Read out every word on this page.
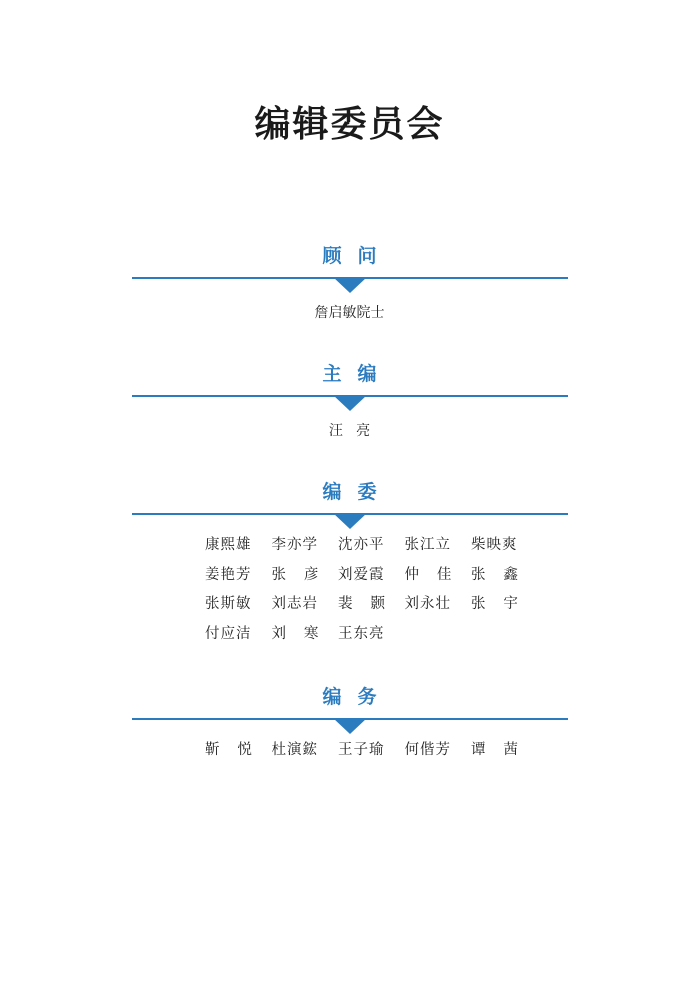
编辑委员会
顾问
詹启敏院士
主编
汪   亮
编委
康熙雄	李亦学	沈亦平	张江立	柴映爽
姜艳芳	张   彦	刘爱霞	仲   佳	张   鑫
张斯敏	刘志岩	裴   颢	刘永壮	张   宇
付应洁	刘   寒	王东亮
编务
靳   悦	杜演鋐	王子瑜	何偕芳	谭   茜
